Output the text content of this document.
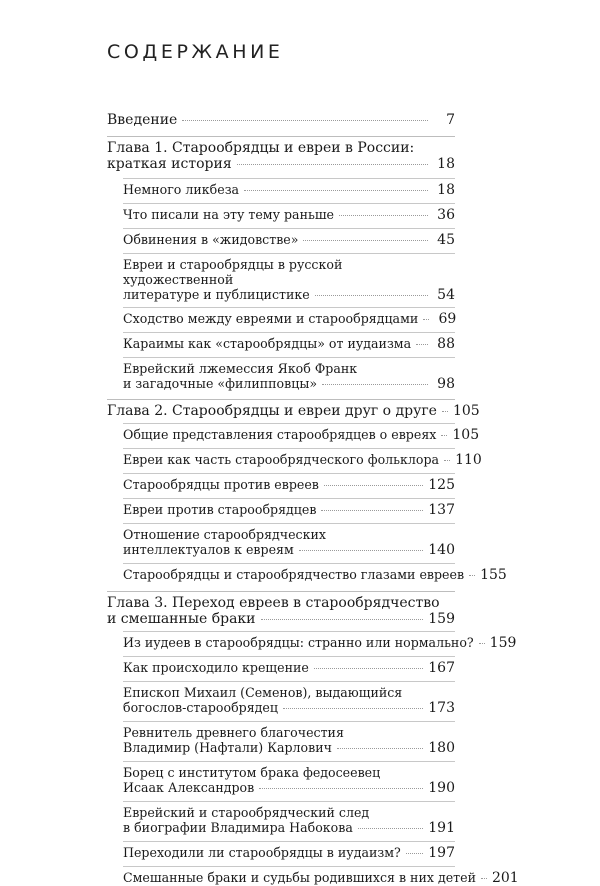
СОДЕРЖАНИЕ
Введение	7
Глава 1. Старообрядцы и евреи в России:
краткая история	18
Немного ликбеза	18
Что писали на эту тему раньше	36
Обвинения в «жидовстве»	45
Евреи и старообрядцы в русской художественной
литературе и публицистике	54
Сходство между евреями и старообрядцами 69
Караимы как «старообрядцы» от иудаизма 88
Еврейский лжемессия Якоб Франк
и загадочные «филипповцы»	98
Глава 2. Старообрядцы и евреи друг о друге 105
Общие представления старообрядцев о евреях 105
Евреи как часть старообрядческого фольклора 110
Старообрядцы против евреев	125
Евреи против старообрядцев	137
Отношение старообрядческих
интеллектуалов к евреям	140
Старообрядцы и старообрядчество глазами евреев 155
Глава 3. Переход евреев в старообрядчество
и смешанные браки	159
Из иудеев в старообрядцы: странно или нормально? 159
Как происходило крещение	167
Епископ Михаил (Семенов), выдающийся
богослов-старообрядец	173
Ревнитель древнего благочестия
Владимир (Нафтали) Карлович	180
Борец с институтом брака федосеевец
Исаак Александров	190
Еврейский и старообрядческий след
в биографии Владимира Набокова	191
Переходили ли старообрядцы в иудаизм? 197
Смешанные браки и судьбы родившихся в них детей 201
